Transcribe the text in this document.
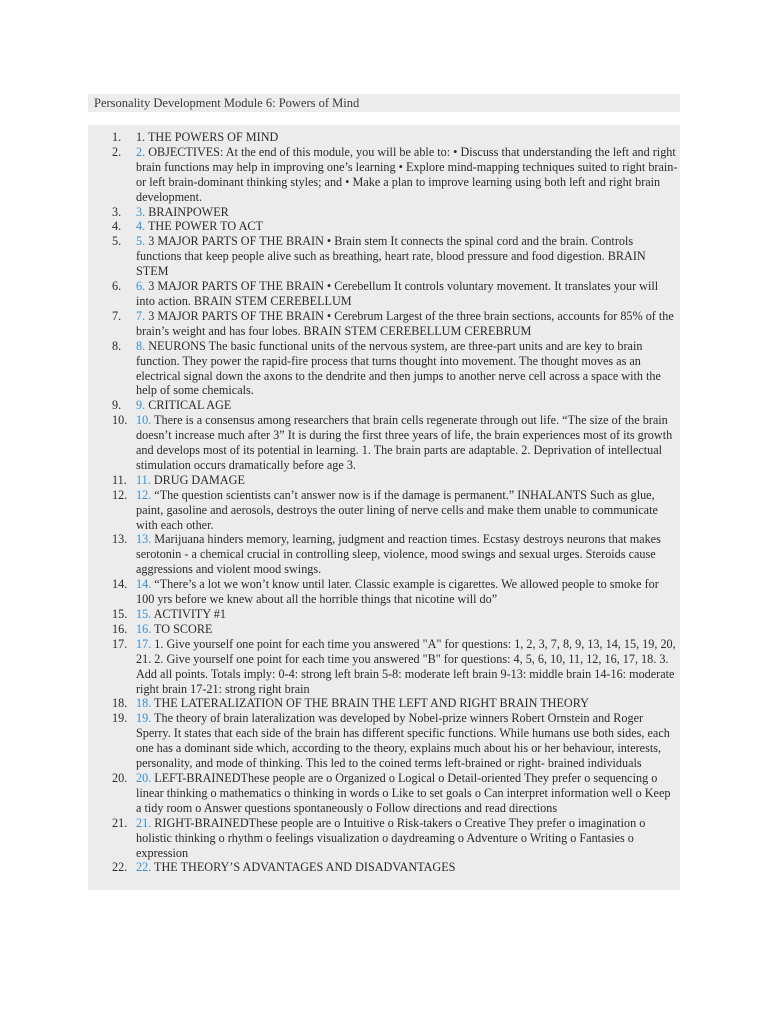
Personality Development Module 6: Powers of Mind
1.	1. THE POWERS OF MIND
2.	2. OBJECTIVES: At the end of this module, you will be able to: • Discuss that understanding the left and right brain functions may help in improving one’s learning • Explore mind-mapping techniques suited to right brain- or left brain-dominant thinking styles; and • Make a plan to improve learning using both left and right brain development.
3.	3. BRAINPOWER
4.	4. THE POWER TO ACT
5.	5. 3 MAJOR PARTS OF THE BRAIN • Brain stem It connects the spinal cord and the brain. Controls functions that keep people alive such as breathing, heart rate, blood pressure and food digestion. BRAIN STEM
6.	6. 3 MAJOR PARTS OF THE BRAIN • Cerebellum It controls voluntary movement. It translates your will into action. BRAIN STEM CEREBELLUM
7.	7. 3 MAJOR PARTS OF THE BRAIN • Cerebrum Largest of the three brain sections, accounts for 85% of the brain’s weight and has four lobes. BRAIN STEM CEREBELLUM CEREBRUM
8.	8. NEURONS The basic functional units of the nervous system, are three-part units and are key to brain function. They power the rapid-fire process that turns thought into movement. The thought moves as an electrical signal down the axons to the dendrite and then jumps to another nerve cell across a space with the help of some chemicals.
9.	9. CRITICAL AGE
10. 10. There is a consensus among researchers that brain cells regenerate through out life. “The size of the brain doesn’t increase much after 3” It is during the first three years of life, the brain experiences most of its growth and develops most of its potential in learning. 1. The brain parts are adaptable. 2. Deprivation of intellectual stimulation occurs dramatically before age 3.
11. 11. DRUG DAMAGE
12. 12. “The question scientists can’t answer now is if the damage is permanent.” INHALANTS Such as glue, paint, gasoline and aerosols, destroys the outer lining of nerve cells and make them unable to communicate with each other.
13. 13. Marijuana hinders memory, learning, judgment and reaction times. Ecstasy destroys neurons that makes serotonin - a chemical crucial in controlling sleep, violence, mood swings and sexual urges. Steroids cause aggressions and violent mood swings.
14. 14. “There’s a lot we won’t know until later. Classic example is cigarettes. We allowed people to smoke for 100 yrs before we knew about all the horrible things that nicotine will do”
15. 15. ACTIVITY #1
16. 16. TO SCORE
17. 17. 1. Give yourself one point for each time you answered "A" for questions: 1, 2, 3, 7, 8, 9, 13, 14, 15, 19, 20, 21. 2. Give yourself one point for each time you answered "B" for questions: 4, 5, 6, 10, 11, 12, 16, 17, 18. 3. Add all points. Totals imply: 0-4: strong left brain 5-8: moderate left brain 9-13: middle brain 14-16: moderate right brain 17-21: strong right brain
18. 18. THE LATERALIZATION OF THE BRAIN THE LEFT AND RIGHT BRAIN THEORY
19. 19. The theory of brain lateralization was developed by Nobel-prize winners Robert Ornstein and Roger Sperry. It states that each side of the brain has different specific functions. While humans use both sides, each one has a dominant side which, according to the theory, explains much about his or her behaviour, interests, personality, and mode of thinking. This led to the coined terms left-brained or right- brained individuals
20. 20. LEFT-BRAINEDThese people are o Organized o Logical o Detail-oriented They prefer o sequencing o linear thinking o mathematics o thinking in words o Like to set goals o Can interpret information well o Keep a tidy room o Answer questions spontaneously o Follow directions and read directions
21. 21. RIGHT-BRAINEDThese people are o Intuitive o Risk-takers o Creative They prefer o imagination o holistic thinking o rhythm o feelings visualization o daydreaming o Adventure o Writing o Fantasies o expression
22. 22. THE THEORY’S ADVANTAGES AND DISADVANTAGES
